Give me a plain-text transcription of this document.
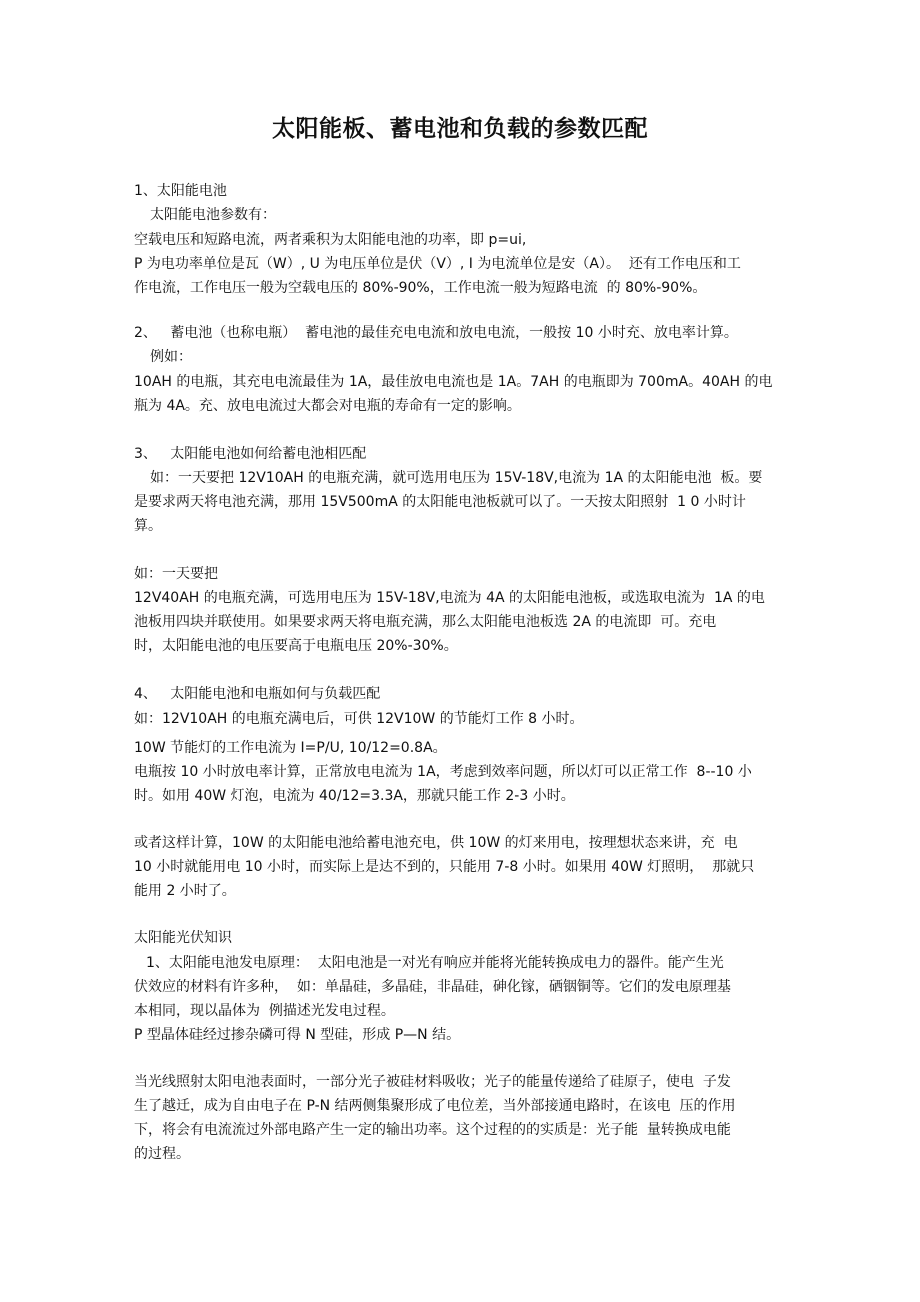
太阳能板、蓄电池和负载的参数匹配
1、太阳能电池
太阳能电池参数有：
空载电压和短路电流，两者乘积为太阳能电池的功率，即 p=ui,
P 为电功率单位是瓦（W）, U 为电压单位是伏（V）, I 为电流单位是安（A）。  还有工作电压和工
作电流，工作电压一般为空载电压的 80%-90%，工作电流一般为短路电流  的 80%-90%。
2、   蓄电池（也称电瓶）  蓄电池的最佳充电电流和放电电流，一般按 10 小时充、放电率计算。
例如：
10AH 的电瓶，其充电电流最佳为 1A，最佳放电电流也是 1A。7AH 的电瓶即为 700mA。40AH 的电
瓶为 4A。充、放电电流过大都会对电瓶的寿命有一定的影响。
3、   太阳能电池如何给蓄电池相匹配
如：一天要把 12V10AH 的电瓶充满，就可选用电压为 15V-18V,电流为 1A 的太阳能电池  板。要
是要求两天将电池充满，那用 15V500mA 的太阳能电池板就可以了。一天按太阳照射  1 0 小时计
算。
如：一天要把
12V40AH 的电瓶充满，可选用电压为 15V-18V,电流为 4A 的太阳能电池板，或选取电流为  1A 的电
池板用四块并联使用。如果要求两天将电瓶充满，那么太阳能电池板选 2A 的电流即  可。充电
时，太阳能电池的电压要高于电瓶电压 20%-30%。
4、   太阳能电池和电瓶如何与负载匹配
如：12V10AH 的电瓶充满电后，可供 12V10W 的节能灯工作 8 小时。
10W 节能灯的工作电流为 I=P/U, 10/12=0.8A。
电瓶按 10 小时放电率计算，正常放电电流为 1A，考虑到效率问题，所以灯可以正常工作  8--10 小
时。如用 40W 灯泡，电流为 40/12=3.3A，那就只能工作 2-3 小时。
或者这样计算，10W 的太阳能电池给蓄电池充电，供 10W 的灯来用电，按理想状态来讲，充  电
10 小时就能用电 10 小时，而实际上是达不到的，只能用 7-8 小时。如果用 40W 灯照明，  那就只
能用 2 小时了。
太阳能光伏知识
1、太阳能电池发电原理：  太阳电池是一对光有响应并能将光能转换成电力的器件。能产生光
伏效应的材料有许多种，  如：单晶硅，多晶硅，非晶硅，砷化镓，硒铟铜等。它们的发电原理基
本相同，现以晶体为  例描述光发电过程。
P 型晶体硅经过掺杂磷可得 N 型硅，形成 P—N 结。
当光线照射太阳电池表面时，一部分光子被硅材料吸收；光子的能量传递给了硅原子，使电  子发
生了越迁，成为自由电子在 P-N 结两侧集聚形成了电位差，当外部接通电路时，在该电  压的作用
下，将会有电流流过外部电路产生一定的输出功率。这个过程的的实质是：光子能  量转换成电能
的过程。
